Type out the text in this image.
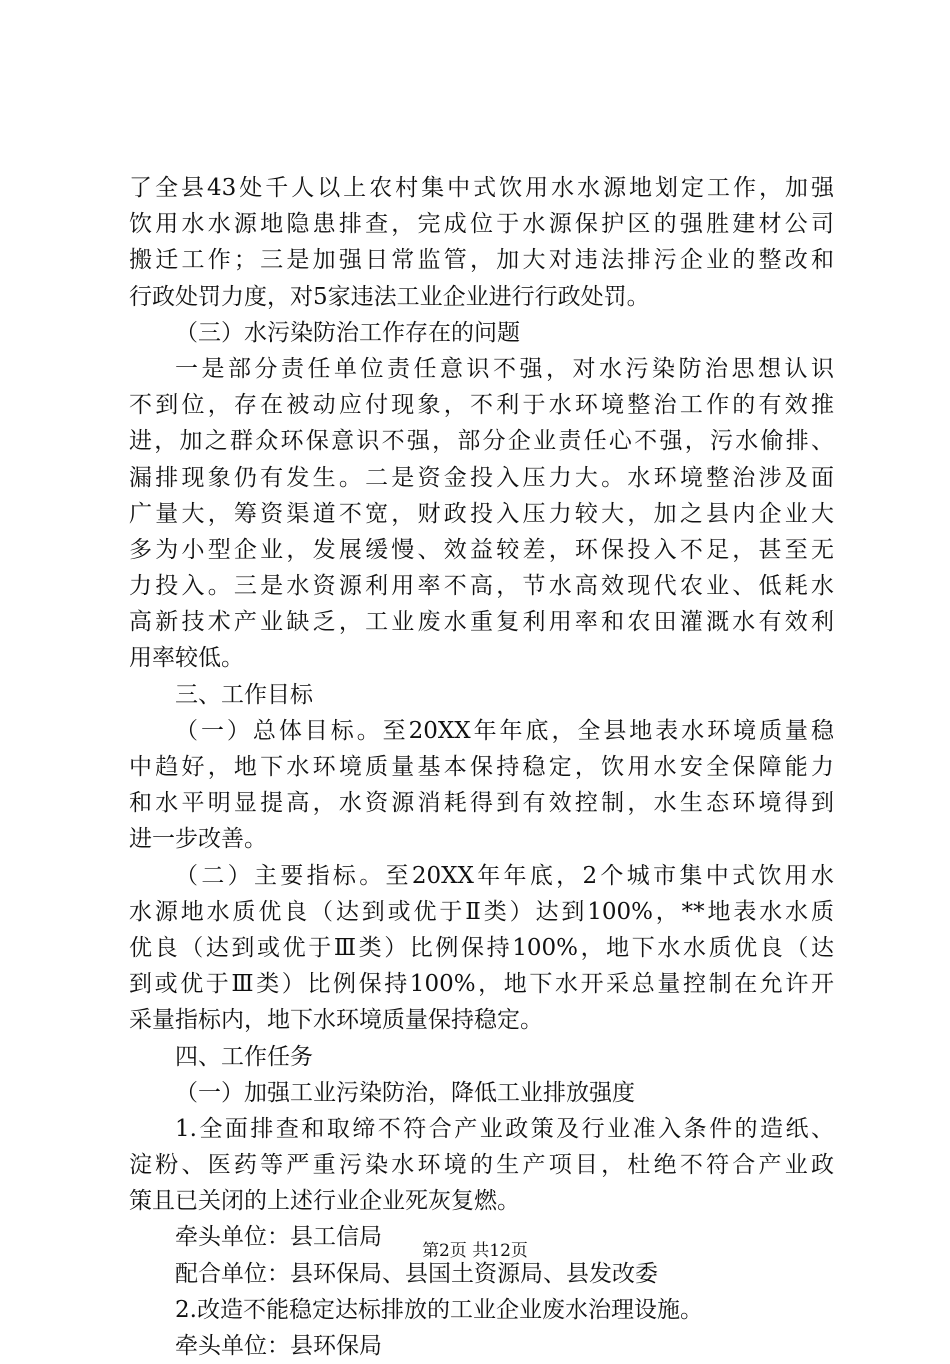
了全县43处千人以上农村集中式饮用水水源地划定工作，加强
饮用水水源地隐患排查，完成位于水源保护区的强胜建材公司
搬迁工作；三是加强日常监管，加大对违法排污企业的整改和
行政处罚力度，对5家违法工业企业进行行政处罚。
（三）水污染防治工作存在的问题
一是部分责任单位责任意识不强，对水污染防治思想认识
不到位，存在被动应付现象，不利于水环境整治工作的有效推
进，加之群众环保意识不强，部分企业责任心不强，污水偷排、
漏排现象仍有发生。二是资金投入压力大。水环境整治涉及面
广量大，筹资渠道不宽，财政投入压力较大，加之县内企业大
多为小型企业，发展缓慢、效益较差，环保投入不足，甚至无
力投入。三是水资源利用率不高，节水高效现代农业、低耗水
高新技术产业缺乏，工业废水重复利用率和农田灌溉水有效利
用率较低。
三、工作目标
（一）总体目标。至20XX年年底，全县地表水环境质量稳
中趋好，地下水环境质量基本保持稳定，饮用水安全保障能力
和水平明显提高，水资源消耗得到有效控制，水生态环境得到
进一步改善。
（二）主要指标。至20XX年年底，2个城市集中式饮用水
水源地水质优良（达到或优于Ⅱ类）达到100%，**地表水水质
优良（达到或优于Ⅲ类）比例保持100%，地下水水质优良（达
到或优于Ⅲ类）比例保持100%，地下水开采总量控制在允许开
采量指标内，地下水环境质量保持稳定。
四、工作任务
（一）加强工业污染防治，降低工业排放强度
1.全面排查和取缔不符合产业政策及行业准入条件的造纸、
淀粉、医药等严重污染水环境的生产项目，杜绝不符合产业政
策且已关闭的上述行业企业死灰复燃。
牵头单位：县工信局
配合单位：县环保局、县国土资源局、县发改委
2.改造不能稳定达标排放的工业企业废水治理设施。
牵头单位：县环保局
第2页 共12页
